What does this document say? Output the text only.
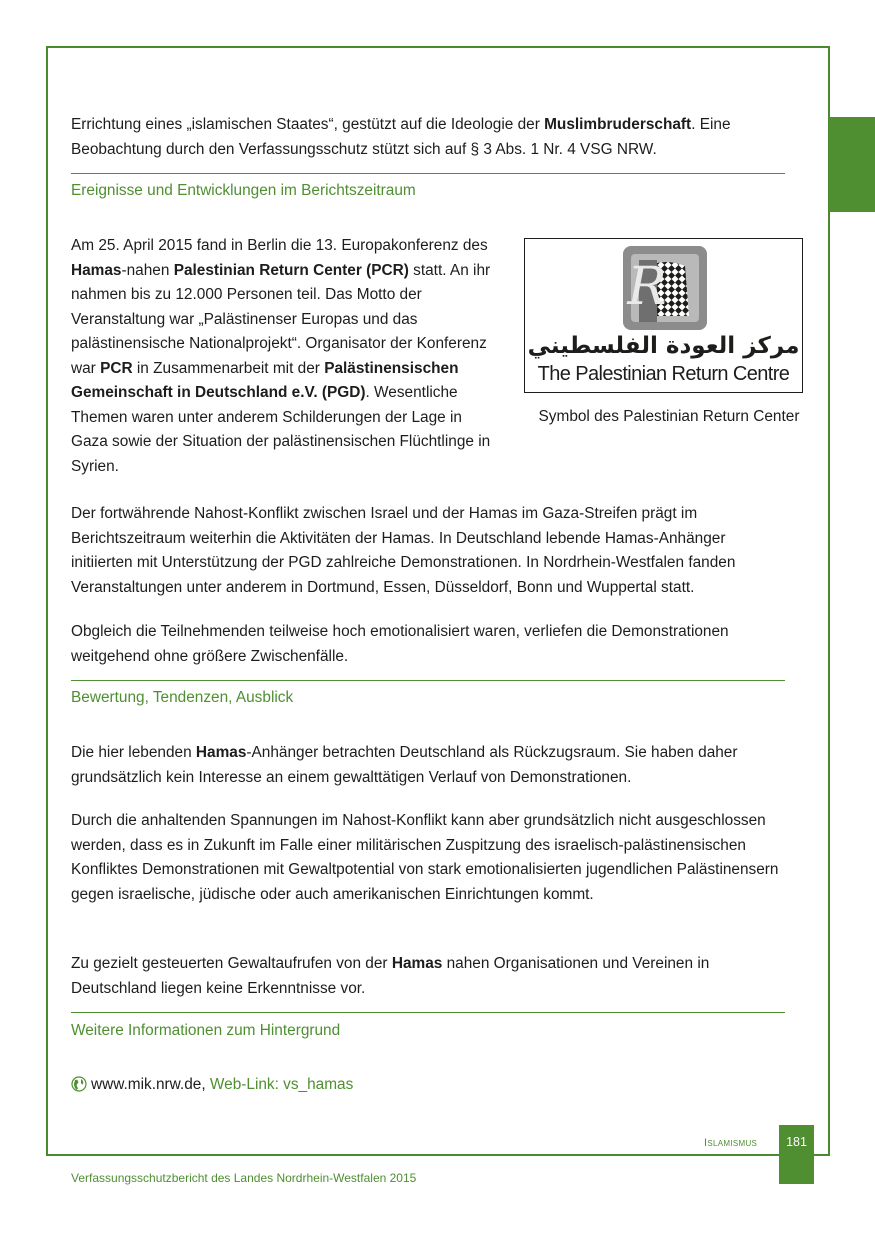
Errichtung eines „islamischen Staates“, gestützt auf die Ideologie der Muslimbruderschaft. Eine Beobachtung durch den Verfassungsschutz stützt sich auf § 3 Abs. 1 Nr. 4 VSG NRW.

Ereignisse und Entwicklungen im Berichtszeitraum

Am 25. April 2015 fand in Berlin die 13. Europakonferenz des Hamas-nahen Palestinian Return Center (PCR) statt. An ihr nahmen bis zu 12.000 Personen teil. Das Motto der Veranstaltung war „Palästinenser Europas und das palästinensische Nationalprojekt“. Organisator der Konferenz war PCR in Zusammenarbeit mit der Palästinensischen Gemeinschaft in Deutschland e.V. (PGD). Wesentliche Themen waren unter anderem Schilderungen der Lage in Gaza sowie der Situation der palästinensischen Flüchtlinge in Syrien.

R
مركز العودة الفلسطيني
The Palestinian Return Centre
Symbol des Palestinian Return Center

Der fortwährende Nahost-Konflikt zwischen Israel und der Hamas im Gaza-Streifen prägt im Berichtszeitraum weiterhin die Aktivitäten der Hamas. In Deutschland lebende Hamas-Anhänger initiierten mit Unterstützung der PGD zahlreiche Demonstrationen. In Nordrhein-Westfalen fanden Veranstaltungen unter anderem in Dortmund, Essen, Düsseldorf, Bonn und Wuppertal statt.

Obgleich die Teilnehmenden teilweise hoch emotionalisiert waren, verliefen die Demonstrationen weitgehend ohne größere Zwischenfälle.

Bewertung, Tendenzen, Ausblick

Die hier lebenden Hamas-Anhänger betrachten Deutschland als Rückzugsraum. Sie haben daher grundsätzlich kein Interesse an einem gewalttätigen Verlauf von Demonstrationen.

Durch die anhaltenden Spannungen im Nahost-Konflikt kann aber grundsätzlich nicht ausgeschlossen werden, dass es in Zukunft im Falle einer militärischen Zuspitzung des israelisch-palästinensischen Konfliktes Demonstrationen mit Gewaltpotential von stark emotionalisierten jugendlichen Palästinensern gegen israelische, jüdische oder auch amerikanischen Einrichtungen kommt.

Zu gezielt gesteuerten Gewaltaufrufen von der Hamas nahen Organisationen und Vereinen in Deutschland liegen keine Erkenntnisse vor.

Weitere Informationen zum Hintergrund

www.mik.nrw.de, Web-Link: vs_hamas
Islamismus	181
Verfassungsschutzbericht des Landes Nordrhein-Westfalen 2015
